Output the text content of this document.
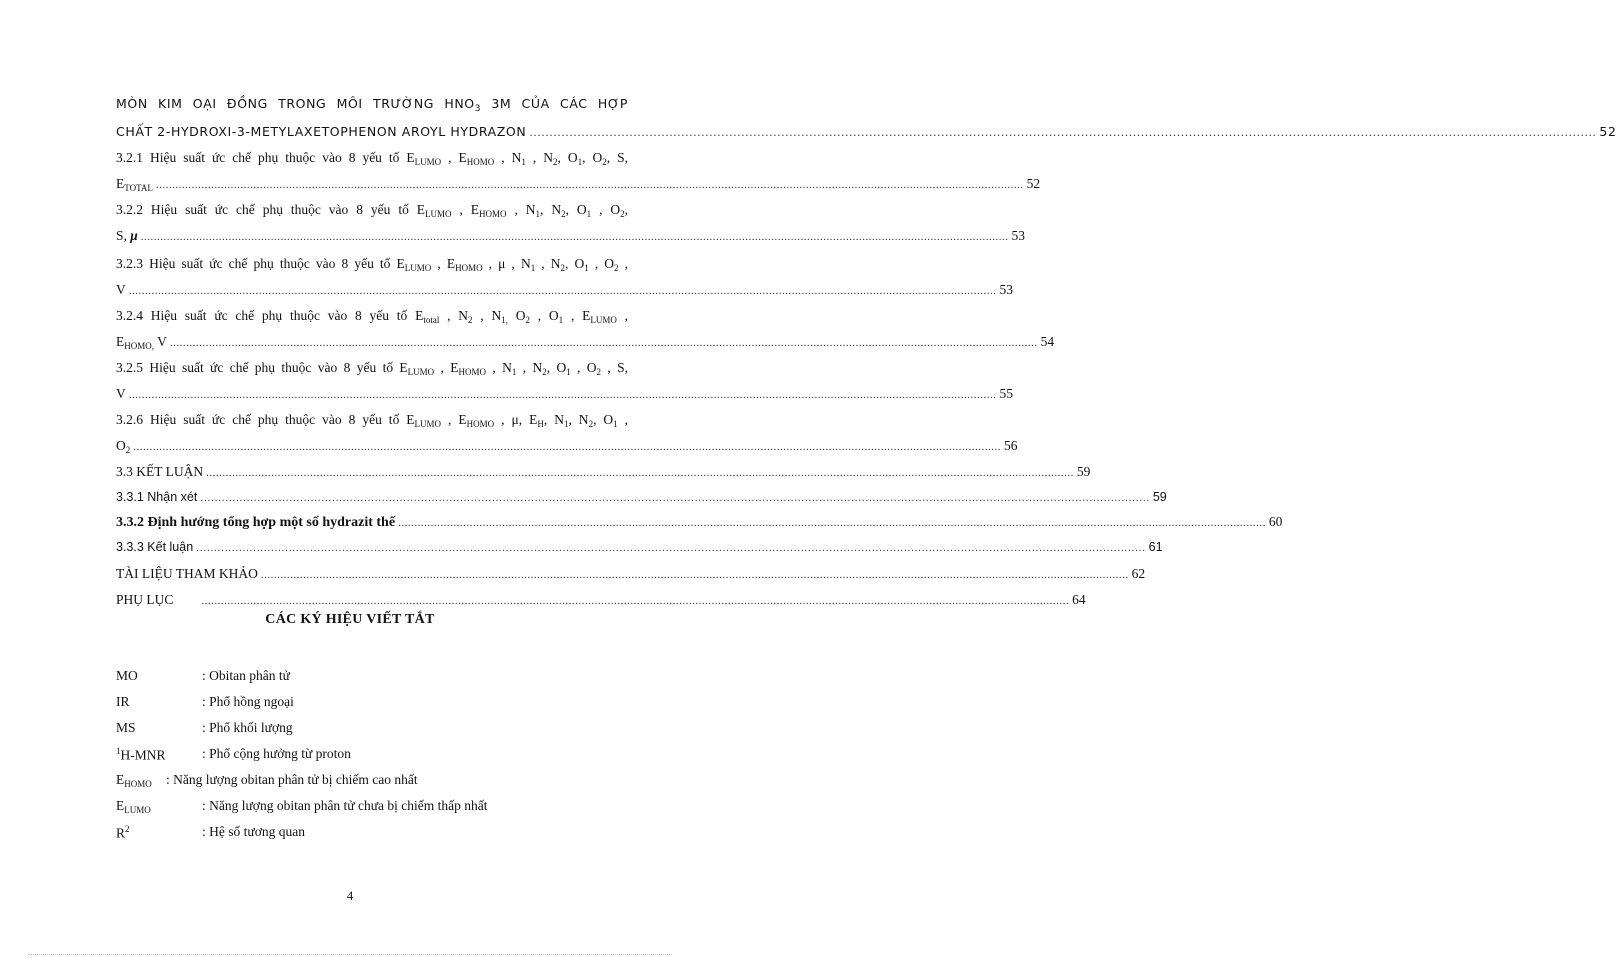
MÒN KIM OẠI ĐỒNG TRONG MÔI TRƯỜNG $HNO_3$ 3M CỦA CÁC HỢP
CHẤT 2-HYDROXI-3-METYLAXETOPHENON AROYL HYDRAZON ........................................................................................................................................................................................................................................................................... 52
3.2.1 Hiệu suất ức chế phụ thuộc vào 8 yếu tố $E_{LUMO}$ , $E_{HOMO}$ , $N_1$ , $N_2$, $O_1$, $O_2$, S,
$E_{TOTAL}$ ........................................................................................................................................................................................................................................................................... 52
3.2.2 Hiệu suất ức chế phụ thuộc vào 8 yếu tố $E_{LUMO}$ , $E_{HOMO}$ , $N_1$, $N_2$, $O_1$ , $O_2$,
S, μ ........................................................................................................................................................................................................................................................................... 53
3.2.3 Hiệu suất ức chế phụ thuộc vào 8 yếu tố $E_{LUMO}$ , $E_{HOMO}$ , μ , $N_1$ , $N_2$, $O_1$ , $O_2$ ,
V ........................................................................................................................................................................................................................................................................... 53
3.2.4 Hiệu suất ức chế phụ thuộc vào 8 yếu tố $E_{total}$ , $N_2$ , $N_{1,}$ $O_2$ , $O_1$ , $E_{LUMO}$ ,
$E_{HOMO,}$ V ........................................................................................................................................................................................................................................................................... 54
3.2.5 Hiệu suất ức chế phụ thuộc vào 8 yếu tố $E_{LUMO}$ , $E_{HOMO}$ , $N_1$ , $N_2$, $O_1$ , $O_2$ , S,
V ........................................................................................................................................................................................................................................................................... 55
3.2.6 Hiệu suất ức chế phụ thuộc vào 8 yếu tố $E_{LUMO}$ , $E_{HOMO}$ , μ, $E_H$, $N_1$, $N_2$, $O_1$ ,
$O_2$ ........................................................................................................................................................................................................................................................................... 56
3.3 KẾT LUẬN ........................................................................................................................................................................................................................................................................... 59
3.3.1 Nhận xét ........................................................................................................................................................................................................................................................................... 59
3.3.2 Định hướng tổng hợp một số hydrazit thế ........................................................................................................................................................................................................................................................................... 60
3.3.3 Kết luận ........................................................................................................................................................................................................................................................................... 61
TÀI LIỆU THAM KHẢO ........................................................................................................................................................................................................................................................................... 62
PHỤ LỤC	........................................................................................................................................................................................................................................................................... 64
CÁC KÝ HIỆU VIẾT TẮT
MO	: Obitan phân tử
IR	: Phổ hồng ngoại
MS	: Phổ khối lượng
$^1$H-MNR	: Phổ cộng hưởng từ proton
$E_{HOMO}$ : Năng lượng obitan phân tử bị chiếm cao nhất
$E_{LUMO}$	: Năng lượng obitan phân tử chưa bị chiếm thấp nhất
$R^2$	: Hệ số tương quan
4
